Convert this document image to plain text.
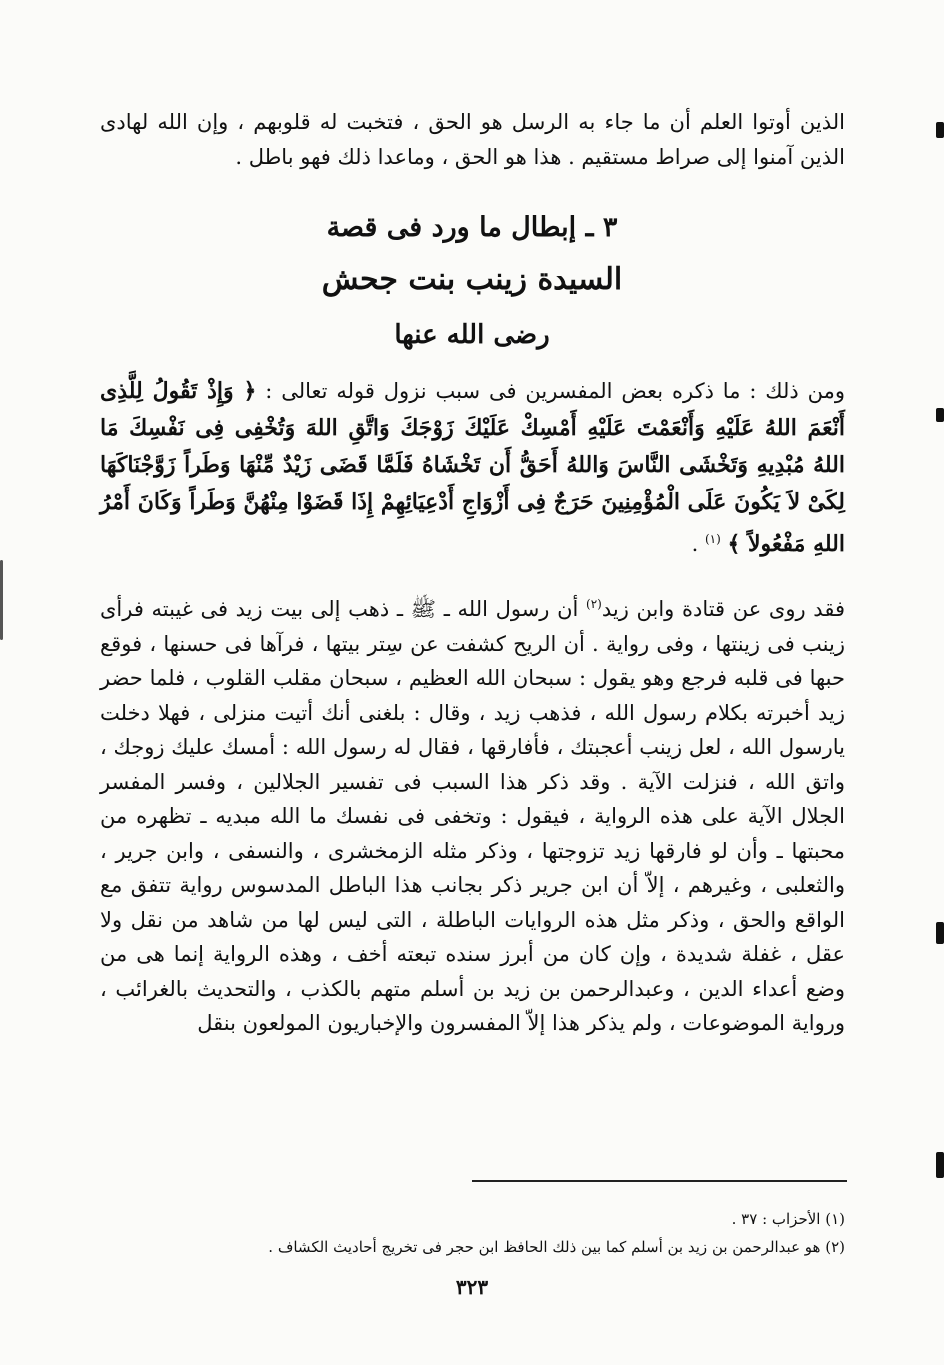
الذين أوتوا العلم أن ما جاء به الرسل هو الحق ، فتخبت له قلوبهم ، وإن الله لهادى الذين آمنوا إلى صراط مستقيم . هذا هو الحق ، وماعدا ذلك فهو باطل .

٣ ـ إبطال ما ورد فى قصة
السيدة زينب بنت جحش
رضى الله عنها

ومن ذلك : ما ذكره بعض المفسرين فى سبب نزول قوله تعالى : ﴿ وَإِذْ تَقُولُ لِلَّذِى أَنْعَمَ اللهُ عَلَيْهِ وَأَنْعَمْتَ عَلَيْهِ أَمْسِكْ عَلَيْكَ زَوْجَكَ وَاتَّقِ اللهَ وَتُخْفِى فِى نَفْسِكَ مَا اللهُ مُبْدِيهِ وَتَخْشَى النَّاسَ وَاللهُ أَحَقُّ أَن تَخْشَاهُ فَلَمَّا قَضَى زَيْدٌ مِّنْهَا وَطَراً زَوَّجْنَاكَهَا لِكَىْ لاَ يَكُونَ عَلَى الْمُؤْمِنِينَ حَرَجٌ فِى أَزْوَاجِ أَدْعِيَائِهِمْ إِذَا قَضَوْا مِنْهُنَّ وَطَراً وَكَانَ أَمْرُ اللهِ مَفْعُولاً ﴾ $^{(١)}$ .

فقد روى عن قتادة وابن زيد$^{(٢)}$ أن رسول الله ـ ﷺ ـ ذهب إلى بيت زيد فى غيبته فرأى زينب فى زينتها ، وفى رواية . أن الريح كشفت عن سِتر بيتها ، فرآها فى حسنها ، فوقع حبها فى قلبه فرجع وهو يقول : سبحان الله العظيم ، سبحان مقلب القلوب ، فلما حضر زيد أخبرته بكلام رسول الله ، فذهب زيد ، وقال : بلغنى أنك أتيت منزلى ، فهلا دخلت يارسول الله ، لعل زينب أعجبتك ، فأفارقها ، فقال له رسول الله : أمسك عليك زوجك ، واتق الله ، فنزلت الآية . وقد ذكر هذا السبب فى تفسير الجلالين ، وفسر المفسر الجلال الآية على هذه الرواية ، فيقول : وتخفى فى نفسك ما الله مبديه ـ تظهره من محبتها ـ وأن لو فارقها زيد تزوجتها ، وذكر مثله الزمخشرى ، والنسفى ، وابن جرير ، والثعلبى ، وغيرهم ، إلاّ أن ابن جرير ذكر بجانب هذا الباطل المدسوس رواية تتفق مع الواقع والحق ، وذكر مثل هذه الروايات الباطلة ، التى ليس لها من شاهد من نقل ولا عقل ، غفلة شديدة ، وإن كان من أبرز سنده تبعته أخف ، وهذه الرواية إنما هى من وضع أعداء الدين ، وعبدالرحمن بن زيد بن أسلم متهم بالكذب ، والتحديث بالغرائب ، ورواية الموضوعات ، ولم يذكر هذا إلاّ المفسرون والإخباريون المولعون بنقل

(١) الأحزاب : ٣٧ .
(٢) هو عبدالرحمن بن زيد بن أسلم كما بين ذلك الحافظ ابن حجر فى تخريج أحاديث الكشاف .
٣٢٣
